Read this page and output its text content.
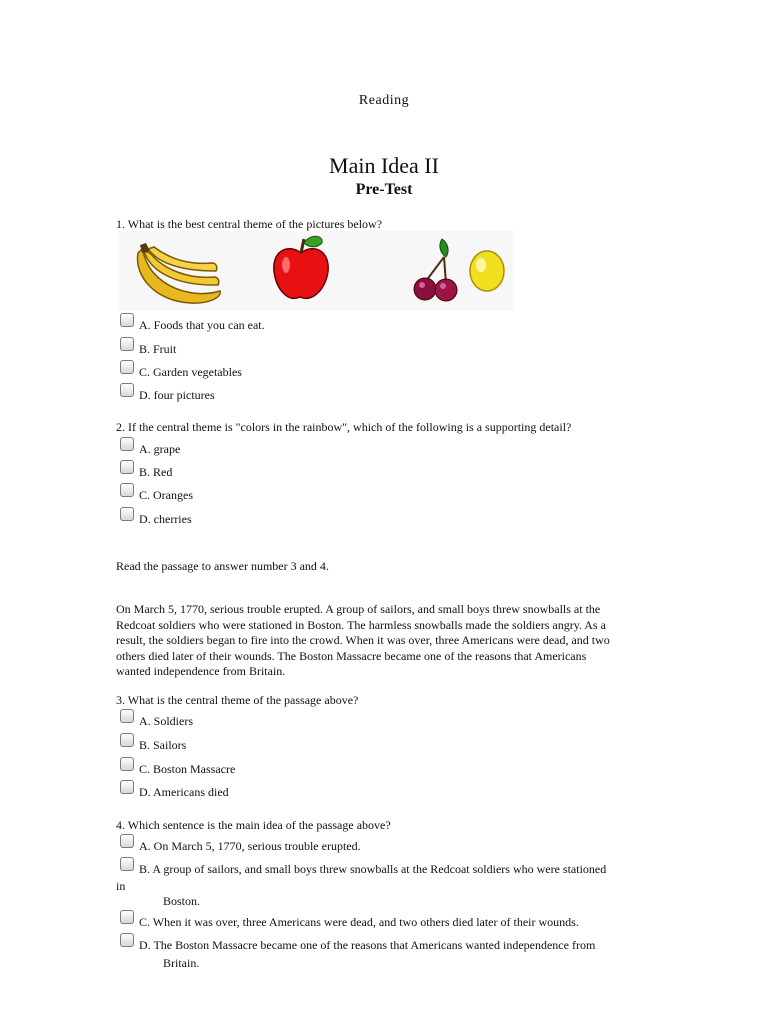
Reading
Main Idea II
Pre-Test
1. What is the best central theme of the pictures below?
A. Foods that you can eat.
B. Fruit
C. Garden vegetables
D. four pictures
2. If the central theme is "colors in the rainbow", which of the following is a supporting detail?
A. grape
B. Red
C. Oranges
D. cherries
Read the passage to answer number 3 and 4.
On March 5, 1770, serious trouble erupted. A group of sailors, and small boys threw snowballs at the
Redcoat soldiers who were stationed in Boston. The harmless snowballs made the soldiers angry. As a
result, the soldiers began to fire into the crowd. When it was over, three Americans were dead, and two
others died later of their wounds. The Boston Massacre became one of the reasons that Americans
wanted independence from Britain.
3. What is the central theme of the passage above?
A. Soldiers
B. Sailors
C. Boston Massacre
D. Americans died
4. Which sentence is the main idea of the passage above?
A. On March 5, 1770, serious trouble erupted.
B. A group of sailors, and small boys threw snowballs at the Redcoat soldiers who were stationed
in
Boston.
C. When it was over, three Americans were dead, and two others died later of their wounds.
D. The Boston Massacre became one of the reasons that Americans wanted independence from
Britain.
